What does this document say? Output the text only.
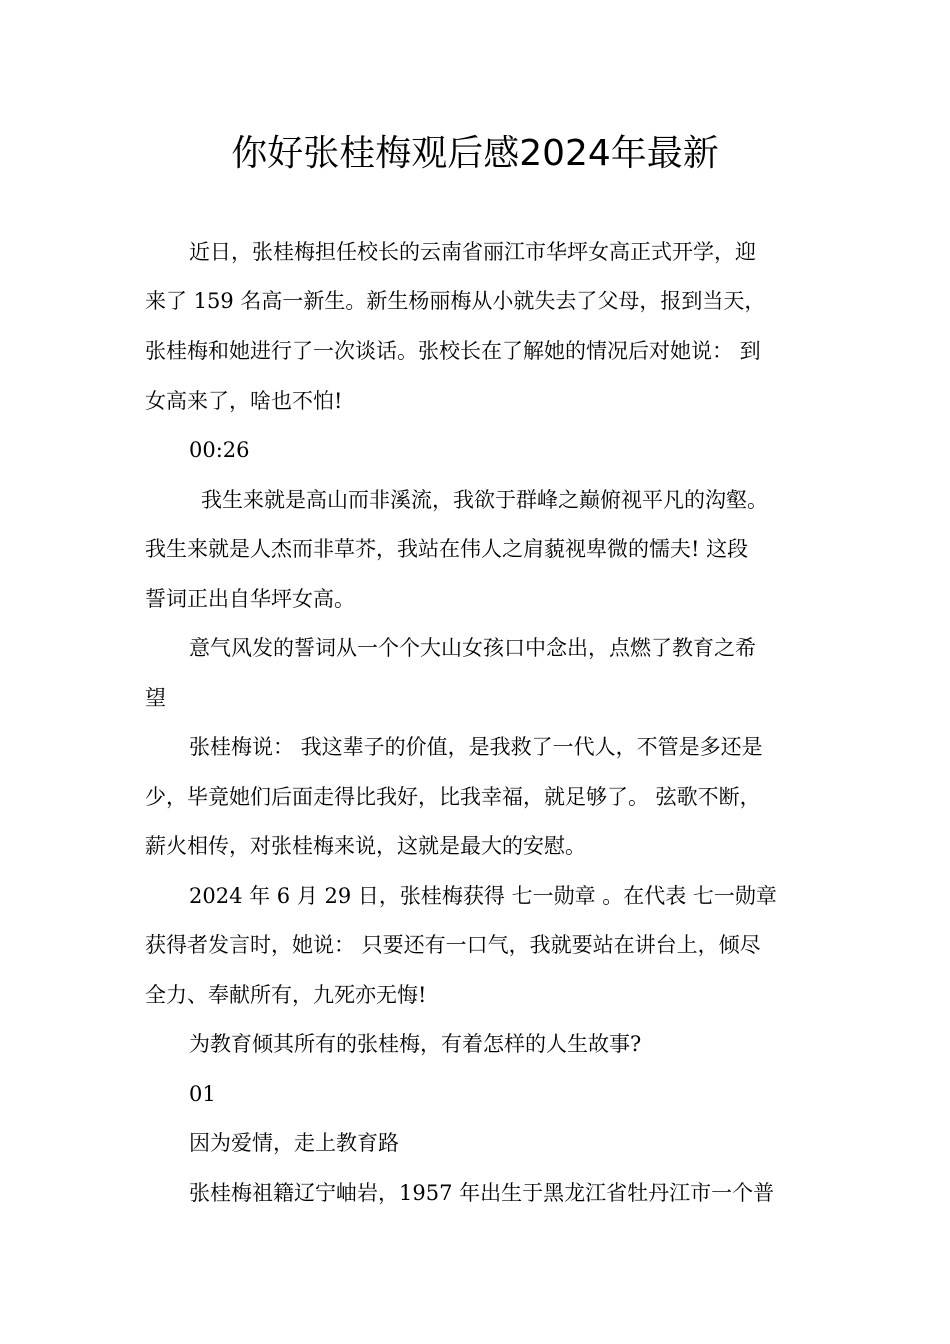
你好张桂梅观后感2024年最新
近日，张桂梅担任校长的云南省丽江市华坪女高正式开学，迎
来了 159 名高一新生。新生杨丽梅从小就失去了父母，报到当天，
张桂梅和她进行了一次谈话。张校长在了解她的情况后对她说： 到
女高来了，啥也不怕!
00:26
我生来就是高山而非溪流，我欲于群峰之巅俯视平凡的沟壑。
我生来就是人杰而非草芥，我站在伟人之肩藐视卑微的懦夫! 这段
誓词正出自华坪女高。
意气风发的誓词从一个个大山女孩口中念出，点燃了教育之希
望
张桂梅说： 我这辈子的价值，是我救了一代人，不管是多还是
少，毕竟她们后面走得比我好，比我幸福，就足够了。 弦歌不断，
薪火相传，对张桂梅来说，这就是最大的安慰。
2024 年 6 月 29 日，张桂梅获得 七一勋章 。在代表 七一勋章
获得者发言时，她说： 只要还有一口气，我就要站在讲台上，倾尽
全力、奉献所有，九死亦无悔!
为教育倾其所有的张桂梅，有着怎样的人生故事?
01
因为爱情，走上教育路
张桂梅祖籍辽宁岫岩，1957 年出生于黑龙江省牡丹江市一个普
